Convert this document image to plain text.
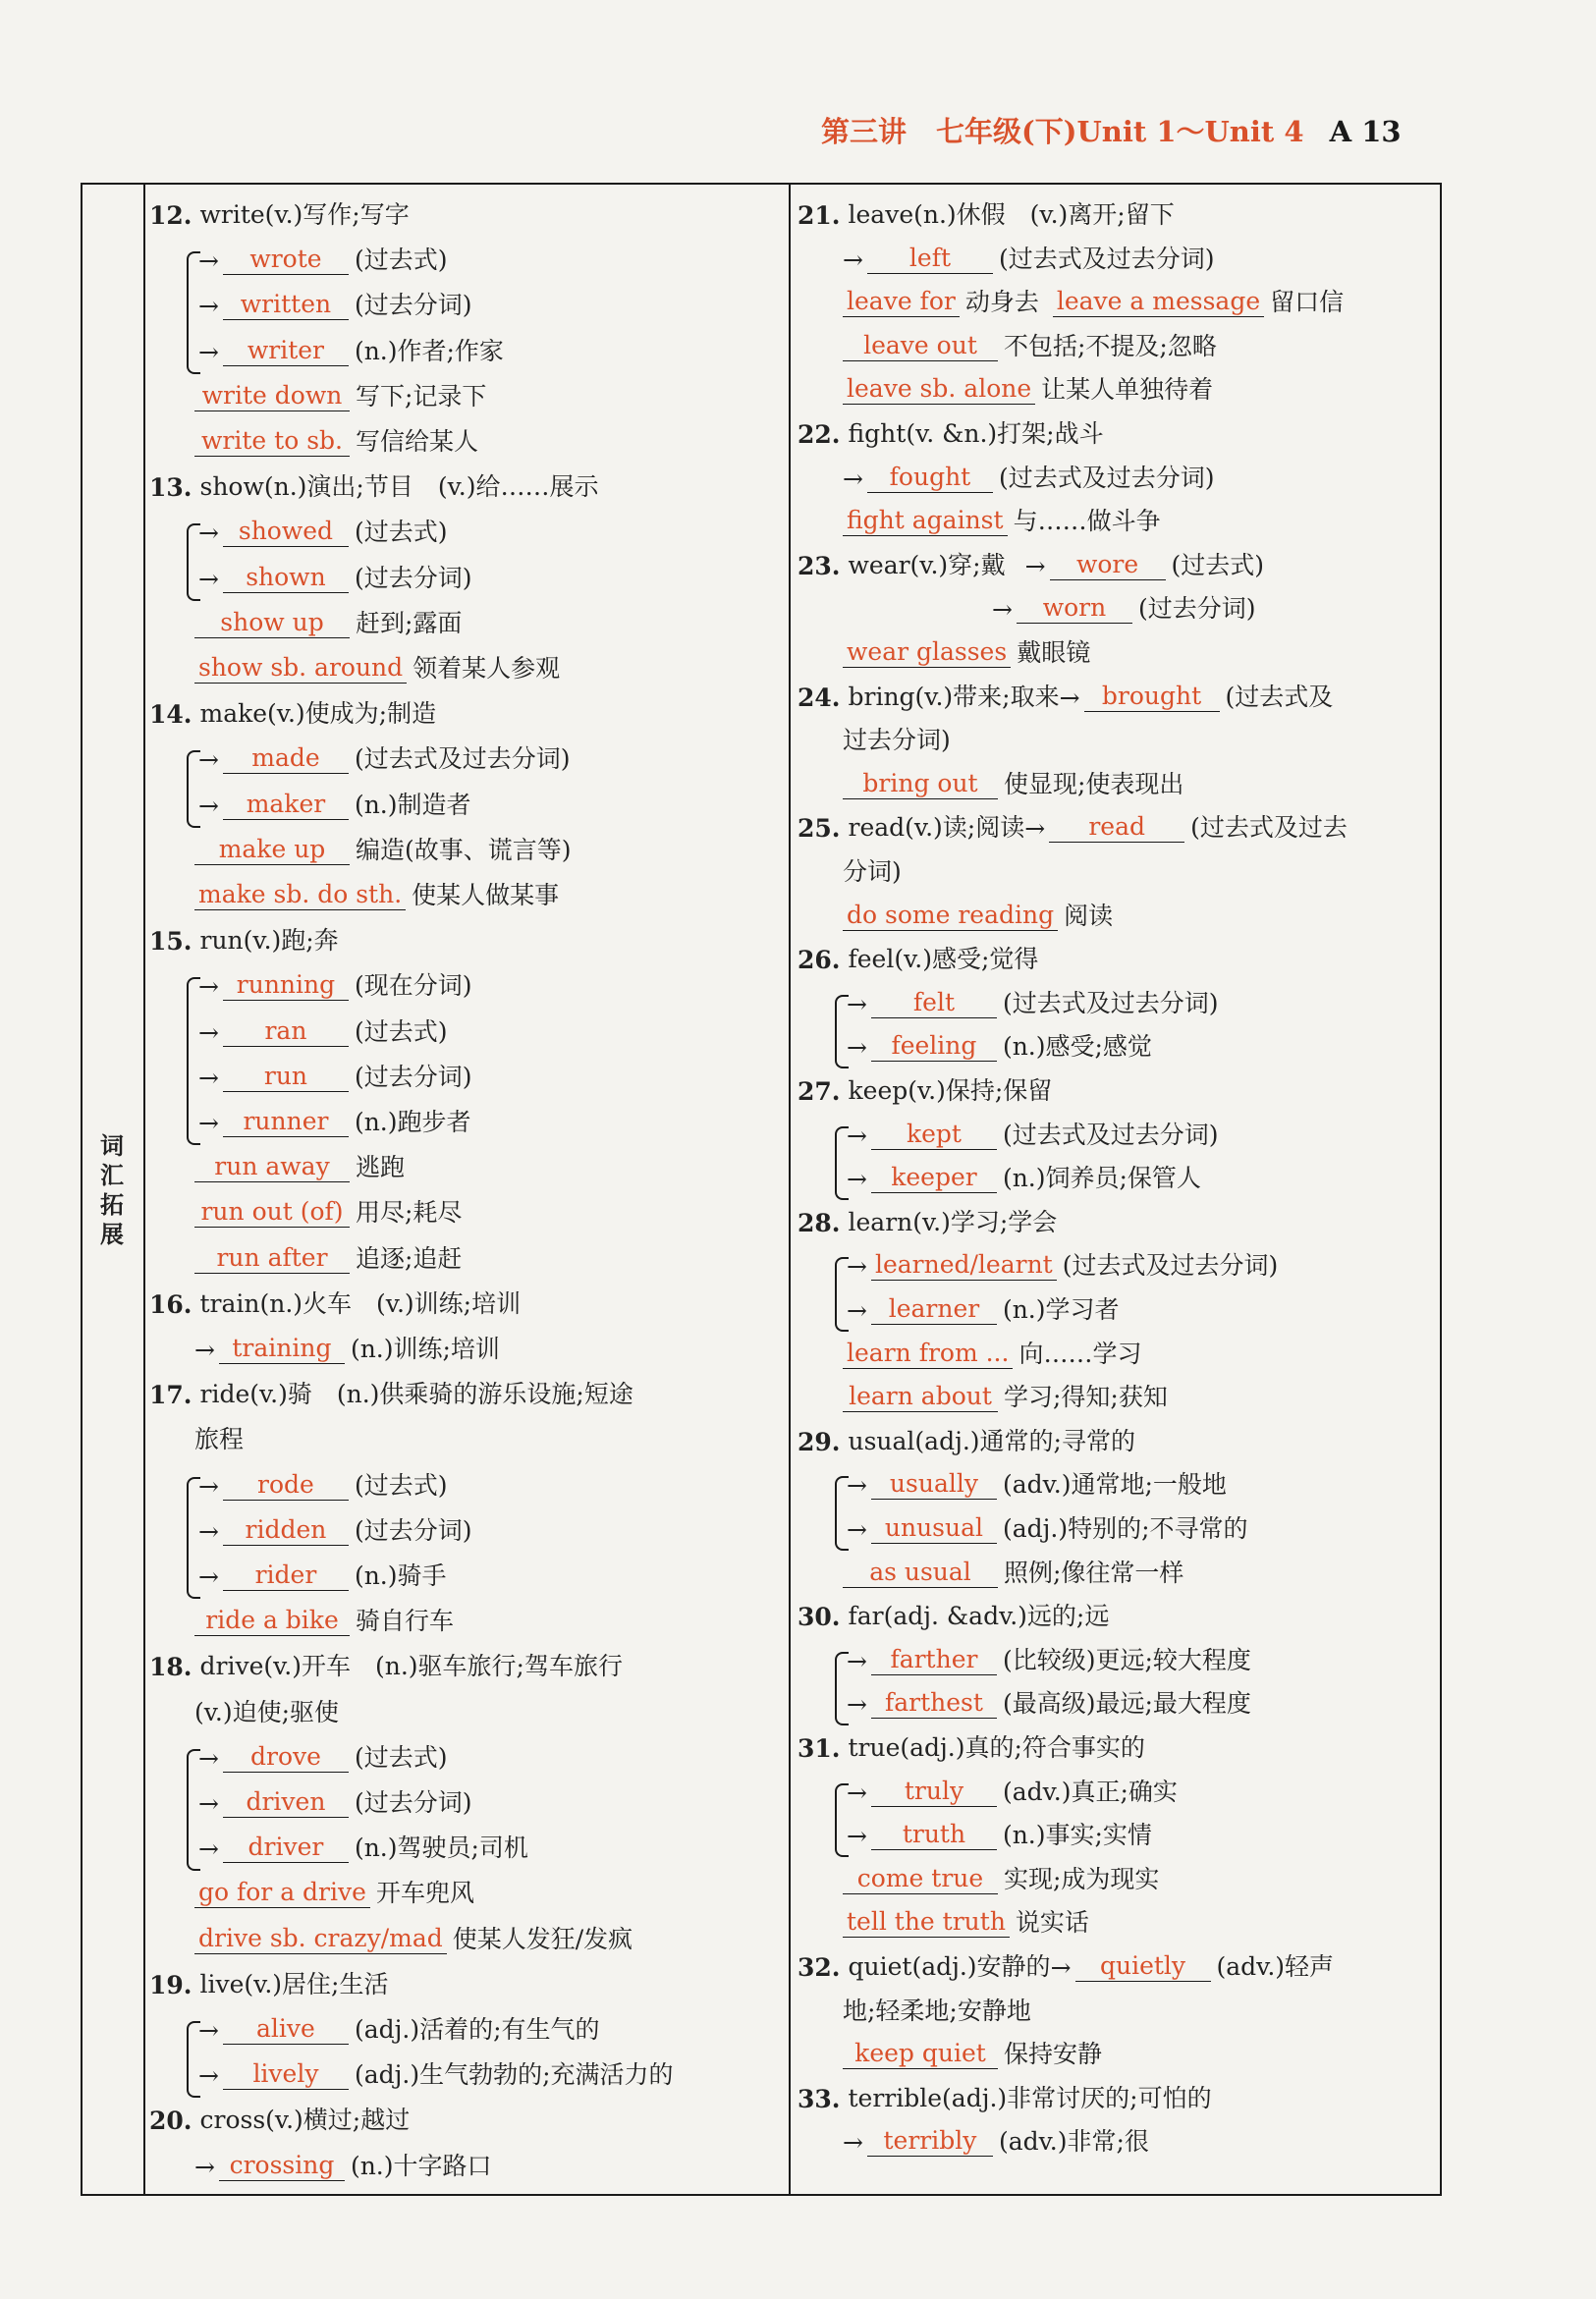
第三讲 七年级(下)Unit 1～Unit 4 A 13
词
汇
拓
展
12. write(v.)写作;写字
→	wrote	(过去式)
→ written (过去分词)
→	writer	(n.)作者;作家
write down 写下;记录下
write to sb. 写信给某人
13. show(n.)演出;节目　(v.)给……展示
→ showed (过去式)
→	shown	(过去分词)
show up	赶到;露面
show sb. around 领着某人参观
14. make(v.)使成为;制造
→	made	(过去式及过去分词)
→	maker	(n.)制造者
make up	编造(故事、谎言等)
make sb. do sth. 使某人做某事
15. run(v.)跑;奔
→ running (现在分词)
→	ran	(过去式)
→	run	(过去分词)
→ runner	(n.)跑步者
run away	逃跑
run out (of) 用尽;耗尽
run after	追逐;追赶
16. train(n.)火车　(v.)训练;培训
→ training (n.)训练;培训
17. ride(v.)骑　(n.)供乘骑的游乐设施;短途
旅程
→	rode	(过去式)
→	ridden	(过去分词)
→	rider	(n.)骑手
ride a bike 骑自行车
18. drive(v.)开车　(n.)驱车旅行;驾车旅行
(v.)迫使;驱使
→	drove	(过去式)
→	driven	(过去分词)
→	driver	(n.)驾驶员;司机
go for a drive 开车兜风
drive sb. crazy/mad 使某人发狂/发疯
19. live(v.)居住;生活
→	alive	(adj.)活着的;有生气的
→	lively	(adj.)生气勃勃的;充满活力的
20. cross(v.)横过;越过
→ crossing (n.)十字路口
21. leave(n.)休假　(v.)离开;留下
→	left	(过去式及过去分词)
leave for 动身去 leave a message 留口信
leave out	不包括;不提及;忽略
leave sb. alone 让某人单独待着
22. fight(v. &n.)打架;战斗
→	fought	(过去式及过去分词)
fight against 与……做斗争
23. wear(v.)穿;戴 →	wore	(过去式)
→	worn	(过去分词)
wear glasses 戴眼镜
24. bring(v.)带来;取来 → brought (过去式及
过去分词)
bring out	使显现;使表现出
25. read(v.)读;阅读 →	read	(过去式及过去
分词)
do some reading 阅读
26. feel(v.)感受;觉得
→	felt	(过去式及过去分词)
→ feeling	(n.)感受;感觉
27. keep(v.)保持;保留
→	kept	(过去式及过去分词)
→ keeper	(n.)饲养员;保管人
28. learn(v.)学习;学会
→ learned/learnt (过去式及过去分词)
→ learner (n.)学习者
learn from ... 向……学习
learn about 学习;得知;获知
29. usual(adj.)通常的;寻常的
→ usually (adv.)通常地;一般地
→ unusual (adj.)特别的;不寻常的
as usual	照例;像往常一样
30. far(adj. &adv.)远的;远
→ farther	(比较级)更远;较大程度
→ farthest (最高级)最远;最大程度
31. true(adj.)真的;符合事实的
→	truly	(adv.)真正;确实
→	truth	(n.)事实;实情
come true 实现;成为现实
tell the truth 说实话
32. quiet(adj.)安静的 →	quietly	(adv.)轻声
地;轻柔地;安静地
keep quiet 保持安静
33. terrible(adj.)非常讨厌的;可怕的
→ terribly (adv.)非常;很
